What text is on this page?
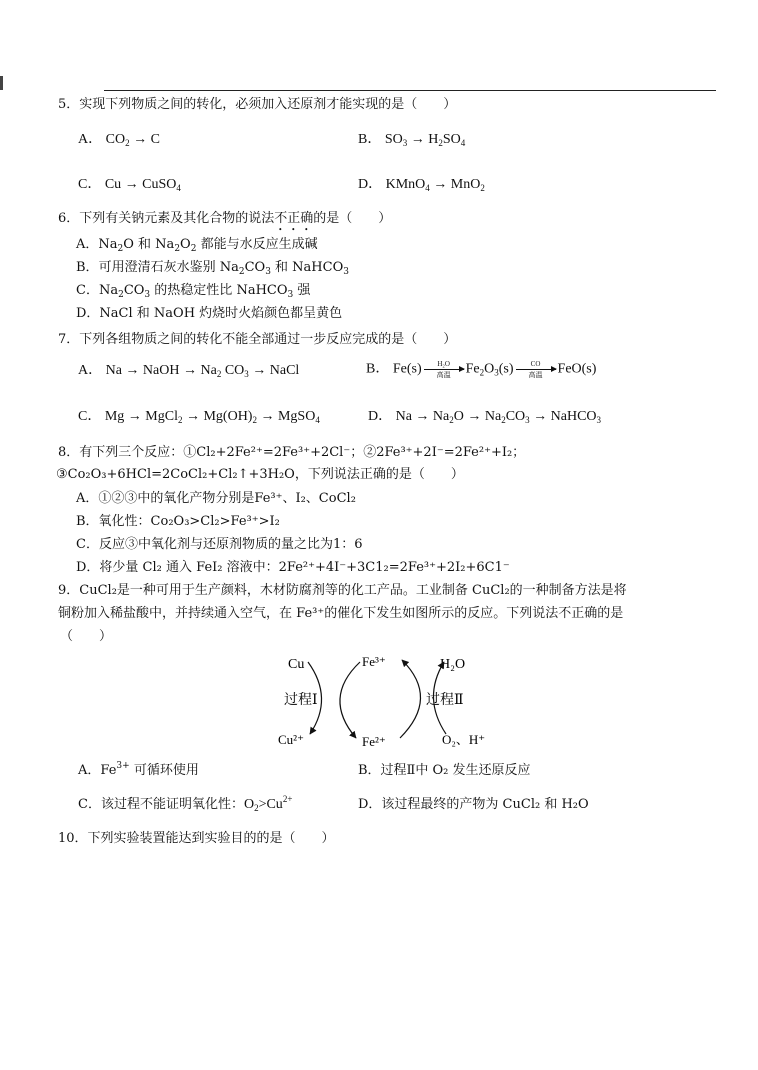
5．实现下列物质之间的转化，必须加入还原剂才能实现的是（　　）
A． $CO_2 \to C$	B． $SO_3 \to H_2SO_4$
C． Cu → CuSO$_4$	D． KMnO$_4$ → MnO$_2$
6．下列有关钠元素及其化合物的说法不正确的是（　　）
A．$Na_2O$ 和 $Na_2O_2$ 都能与水反应生成碱
B．可用澄清石灰水鉴别 $Na_2CO_3$ 和 NaHCO$_3$
C．$Na_2CO_3$ 的热稳定性比 NaHCO$_3$ 强
D．NaCl 和 NaOH 灼烧时火焰颜色都呈黄色
7．下列各组物质之间的转化不能全部通过一步反应完成的是（　　）
A． Na → NaOH → $Na_2$ $CO_3$ → NaCl	B． Fe(s) H₂O
高温 $Fe_2O_3(s)$ CO
高温 FeO(s)
C． Mg → MgCl$_2$ → $Mg(OH)_2$ → MgSO$_4$	D． $Na \to Na_2O \to Na_2CO_3$ → NaHCO$_3$
8．有下列三个反应：①Cl₂+2Fe²⁺=2Fe³⁺+2Cl⁻；②2Fe³⁺+2I⁻=2Fe²⁺+I₂；
③Co₂O₃+6HCl=2CoCl₂+Cl₂↑+3H₂O，下列说法正确的是（　　）
A．①②③中的氧化产物分别是Fe³⁺、I₂、CoCl₂
B．氧化性：Co₂O₃>Cl₂>Fe³⁺>I₂
C．反应③中氧化剂与还原剂物质的量之比为1：6
D．将少量 Cl₂ 通入 FeI₂ 溶液中：2Fe²⁺+4I⁻+3C1₂=2Fe³⁺+2I₂+6C1⁻
9．CuCl₂是一种可用于生产颜料，木材防腐剂等的化工产品。工业制备 CuCl₂的一种制备方法是将
铜粉加入稀盐酸中，并持续通入空气，在 Fe³⁺的催化下发生如图所示的反应。下列说法不正确的是
（　　）
Cu	Fe³⁺	H₂O
过程Ⅰ	过程Ⅱ
Cu²⁺	Fe²⁺	O₂、H⁺
A．$Fe^{3+}$ 可循环使用	B．过程Ⅱ中 O₂ 发生还原反应
C．该过程不能证明氧化性：$O_2>Cu^{2+}$	D．该过程最终的产物为 CuCl₂ 和 H₂O
10．下列实验装置能达到实验目的的是（　　）
